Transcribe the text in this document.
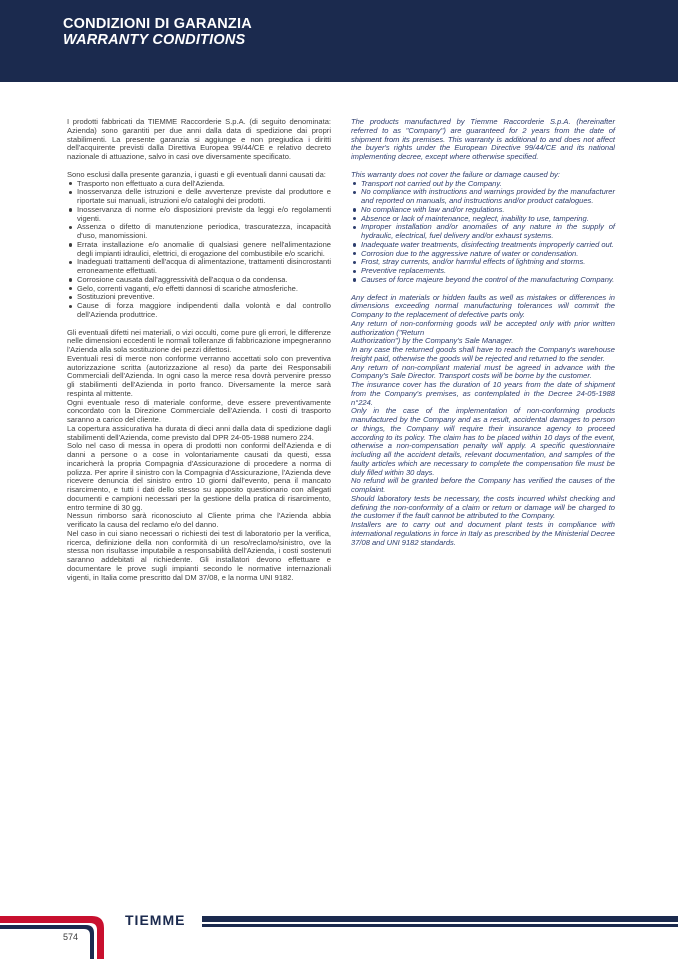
CONDIZIONI DI GARANZIA
WARRANTY CONDITIONS

I prodotti fabbricati da TIEMME Raccorderie S.p.A. (di seguito denominata: Azienda) sono garantiti per due anni dalla data di spedizione dai propri stabilimenti. La presente garanzia si aggiunge e non pregiudica i diritti dell'acquirente previsti dalla Direttiva Europea 99/44/CE e relativo decreto nazionale di attuazione, salvo in casi ove diversamente specificato.

Sono esclusi dalla presente garanzia, i guasti e gli eventuali danni causati da:

Trasporto non effettuato a cura dell'Azienda.
Inosservanza delle istruzioni e delle avvertenze previste dal produttore e riportate sui manuali, istruzioni e/o cataloghi dei prodotti.
Inosservanza di norme e/o disposizioni previste da leggi e/o regolamenti vigenti.
Assenza o difetto di manutenzione periodica, trascuratezza, incapacità d'uso, manomissioni.
Errata installazione e/o anomalie di qualsiasi genere nell'alimentazione degli impianti idraulici, elettrici, di erogazione del combustibile e/o scarichi.
Inadeguati trattamenti dell'acqua di alimentazione, trattamenti disincrostanti erroneamente effettuati.
Corrosione causata dall'aggressività dell'acqua o da condensa.
Gelo, correnti vaganti, e/o effetti dannosi di scariche atmosferiche.
Sostituzioni preventive.
Cause di forza maggiore indipendenti dalla volontà e dal controllo dell'Azienda produttrice.

Gli eventuali difetti nei materiali, o vizi occulti, come pure gli errori, le differenze nelle dimensioni eccedenti le normali tolleranze di fabbricazione impegneranno l'Azienda alla sola sostituzione dei pezzi difettosi.

Eventuali resi di merce non conforme verranno accettati solo con preventiva autorizzazione scritta (autorizzazione al reso) da parte dei Responsabili Commerciali dell'Azienda. In ogni caso la merce resa dovrà pervenire presso gli stabilimenti dell'Azienda in porto franco. Diversamente la merce sarà respinta al mittente.

Ogni eventuale reso di materiale conforme, deve essere preventivamente concordato con la Direzione Commerciale dell'Azienda. I costi di trasporto saranno a carico del cliente.

La copertura assicurativa ha durata di dieci anni dalla data di spedizione dagli stabilimenti dell'Azienda, come previsto dal DPR 24-05-1988 numero 224.

Solo nel caso di messa in opera di prodotti non conformi dell'Azienda e di danni a persone o a cose in volontariamente causati da questi, essa incaricherà la propria Compagnia d'Assicurazione di procedere a norma di polizza. Per aprire il sinistro con la Compagnia d'Assicurazione, l'Azienda deve ricevere denuncia del sinistro entro 10 giorni dall'evento, pena il mancato risarcimento, e tutti i dati dello stesso su apposito questionario con allegati documenti e campioni necessari per la gestione della pratica di risarcimento, entro termine di 30 gg.

Nessun rimborso sarà riconosciuto al Cliente prima che l'Azienda abbia verificato la causa del reclamo e/o del danno.

Nel caso in cui siano necessari o richiesti dei test di laboratorio per la verifica, ricerca, definizione della non conformità di un reso/reclamo/sinistro, ove la stessa non risultasse imputabile a responsabilità dell'Azienda, i costi sostenuti saranno addebitati al richiedente. Gli installatori devono effettuare e documentare le prove sugli impianti secondo le normative internazionali vigenti, in Italia come prescritto dal DM 37/08, e la norma UNI 9182.

The products manufactured by Tiemme Raccorderie S.p.A. (hereinafter referred to as "Company") are guaranteed for 2 years from the date of shipment from its premises. This warranty is additional to and does not affect the buyer's rights under the European Directive 99/44/CE and its national implementing decree, except where otherwise specified.

This warranty does not cover the failure or damage caused by:

Transport not carried out by the Company.
No compliance with instructions and warnings provided by the manufacturer and reported on manuals, and instructions and/or product catalogues.
No compliance with law and/or regulations.
Absence or lack of maintenance, neglect, inability to use, tampering.
Improper installation and/or anomalies of any nature in the supply of hydraulic, electrical, fuel delivery and/or exhaust systems.
Inadequate water treatments, disinfecting treatments improperly carried out.
Corrosion due to the aggressive nature of water or condensation.
Frost, stray currents, and/or harmful effects of lightning and storms.
Preventive replacements.
Causes of force majeure beyond the control of the manufacturing Company.

Any defect in materials or hidden faults as well as mistakes or differences in dimensions exceeding normal manufacturing tolerances will commit the Company to the replacement of defective parts only.

Any return of non-conforming goods will be accepted only with prior written authorization ("Return

Authorization") by the Company's Sale Manager.

In any case the returned goods shall have to reach the Company's warehouse freight paid, otherwise the goods will be rejected and returned to the sender.

Any return of non-compliant material must be agreed in advance with the Company's Sale Director. Transport costs will be borne by the customer.

The insurance cover has the duration of 10 years from the date of shipment from the Company's premises, as contemplated in the Decree 24-05-1988 n°224.

Only in the case of the implementation of non-conforming products manufactured by the Company and as a result, accidental damages to person or things, the Company will require their insurance agency to proceed according to its policy. The claim has to be placed within 10 days of the event, otherwise a non-compensation penalty will apply. A specific questionnaire including all the accident details, relevant documentation, and samples of the faulty articles which are necessary to complete the compensation file must be duly filled within 30 days.

No refund will be granted before the Company has verified the causes of the complaint.

Should laboratory tests be necessary, the costs incurred whilst checking and defining the non-conformity of a claim or return or damage will be charged to the customer if the fault cannot be attributed to the Company.

Installers are to carry out and document plant tests in compliance with international regulations in force in Italy as prescribed by the Ministerial Decree 37/08 and UNI 9182 standards.

TIEMME
574
